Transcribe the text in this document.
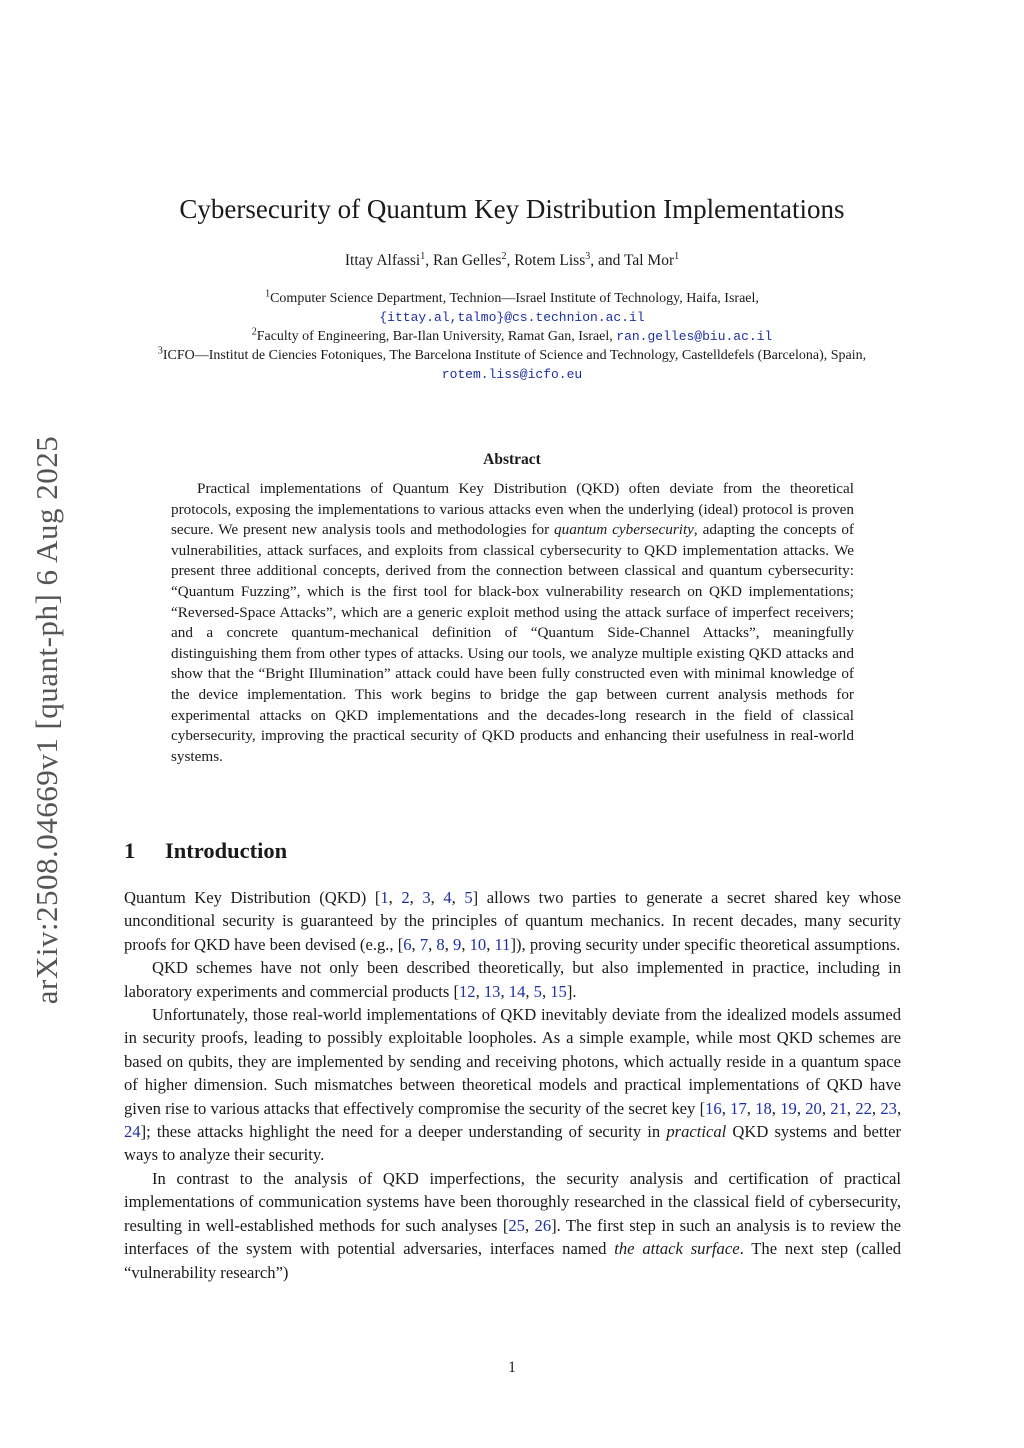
arXiv:2508.04669v1 [quant-ph] 6 Aug 2025
Cybersecurity of Quantum Key Distribution Implementations
Ittay Alfassi$^1$, Ran Gelles$^2$, Rotem Liss$^3$, and Tal Mor$^1$
$^1$Computer Science Department, Technion—Israel Institute of Technology, Haifa, Israel,
{ittay.al,talmo}@cs.technion.ac.il
$^2$Faculty of Engineering, Bar-Ilan University, Ramat Gan, Israel, ran.gelles@biu.ac.il
$^3$ICFO—Institut de Ciencies Fotoniques, The Barcelona Institute of Science and Technology, Castelldefels (Barcelona), Spain, rotem.liss@icfo.eu
Abstract

Practical implementations of Quantum Key Distribution (QKD) often deviate from the theoretical protocols, exposing the implementations to various attacks even when the underlying (ideal) protocol is proven secure. We present new analysis tools and methodologies for quantum cybersecurity, adapting the concepts of vulnerabilities, attack surfaces, and exploits from classical cybersecurity to QKD implementation attacks. We present three additional concepts, derived from the connection between classical and quantum cybersecurity: “Quantum Fuzzing”, which is the first tool for black-box vulnerability research on QKD implementations; “Reversed-Space Attacks”, which are a generic exploit method using the attack surface of imperfect receivers; and a concrete quantum-mechanical definition of “Quantum Side-Channel Attacks”, meaningfully distinguishing them from other types of attacks. Using our tools, we analyze multiple existing QKD attacks and show that the “Bright Illumination” attack could have been fully constructed even with minimal knowledge of the device implementation. This work begins to bridge the gap between current analysis methods for experimental attacks on QKD implementations and the decades-long research in the field of classical cybersecurity, improving the practical security of QKD products and enhancing their usefulness in real-world systems.

1 Introduction

Quantum Key Distribution (QKD) [1, 2, 3, 4, 5] allows two parties to generate a secret shared key whose unconditional security is guaranteed by the principles of quantum mechanics. In recent decades, many security proofs for QKD have been devised (e.g., [6, 7, 8, 9, 10, 11]), proving security under specific theoretical assumptions.

QKD schemes have not only been described theoretically, but also implemented in practice, including in laboratory experiments and commercial products [12, 13, 14, 5, 15].

Unfortunately, those real-world implementations of QKD inevitably deviate from the idealized models assumed in security proofs, leading to possibly exploitable loopholes. As a simple example, while most QKD schemes are based on qubits, they are implemented by sending and receiving photons, which actually reside in a quantum space of higher dimension. Such mismatches between theoretical models and practical implementations of QKD have given rise to various attacks that effectively compromise the security of the secret key [16, 17, 18, 19, 20, 21, 22, 23, 24]; these attacks highlight the need for a deeper understanding of security in practical QKD systems and better ways to analyze their security.

In contrast to the analysis of QKD imperfections, the security analysis and certification of practical implementations of communication systems have been thoroughly researched in the classical field of cybersecurity, resulting in well-established methods for such analyses [25, 26]. The first step in such an analysis is to review the interfaces of the system with potential adversaries, interfaces named the attack surface. The next step (called “vulnerability research”)

1
